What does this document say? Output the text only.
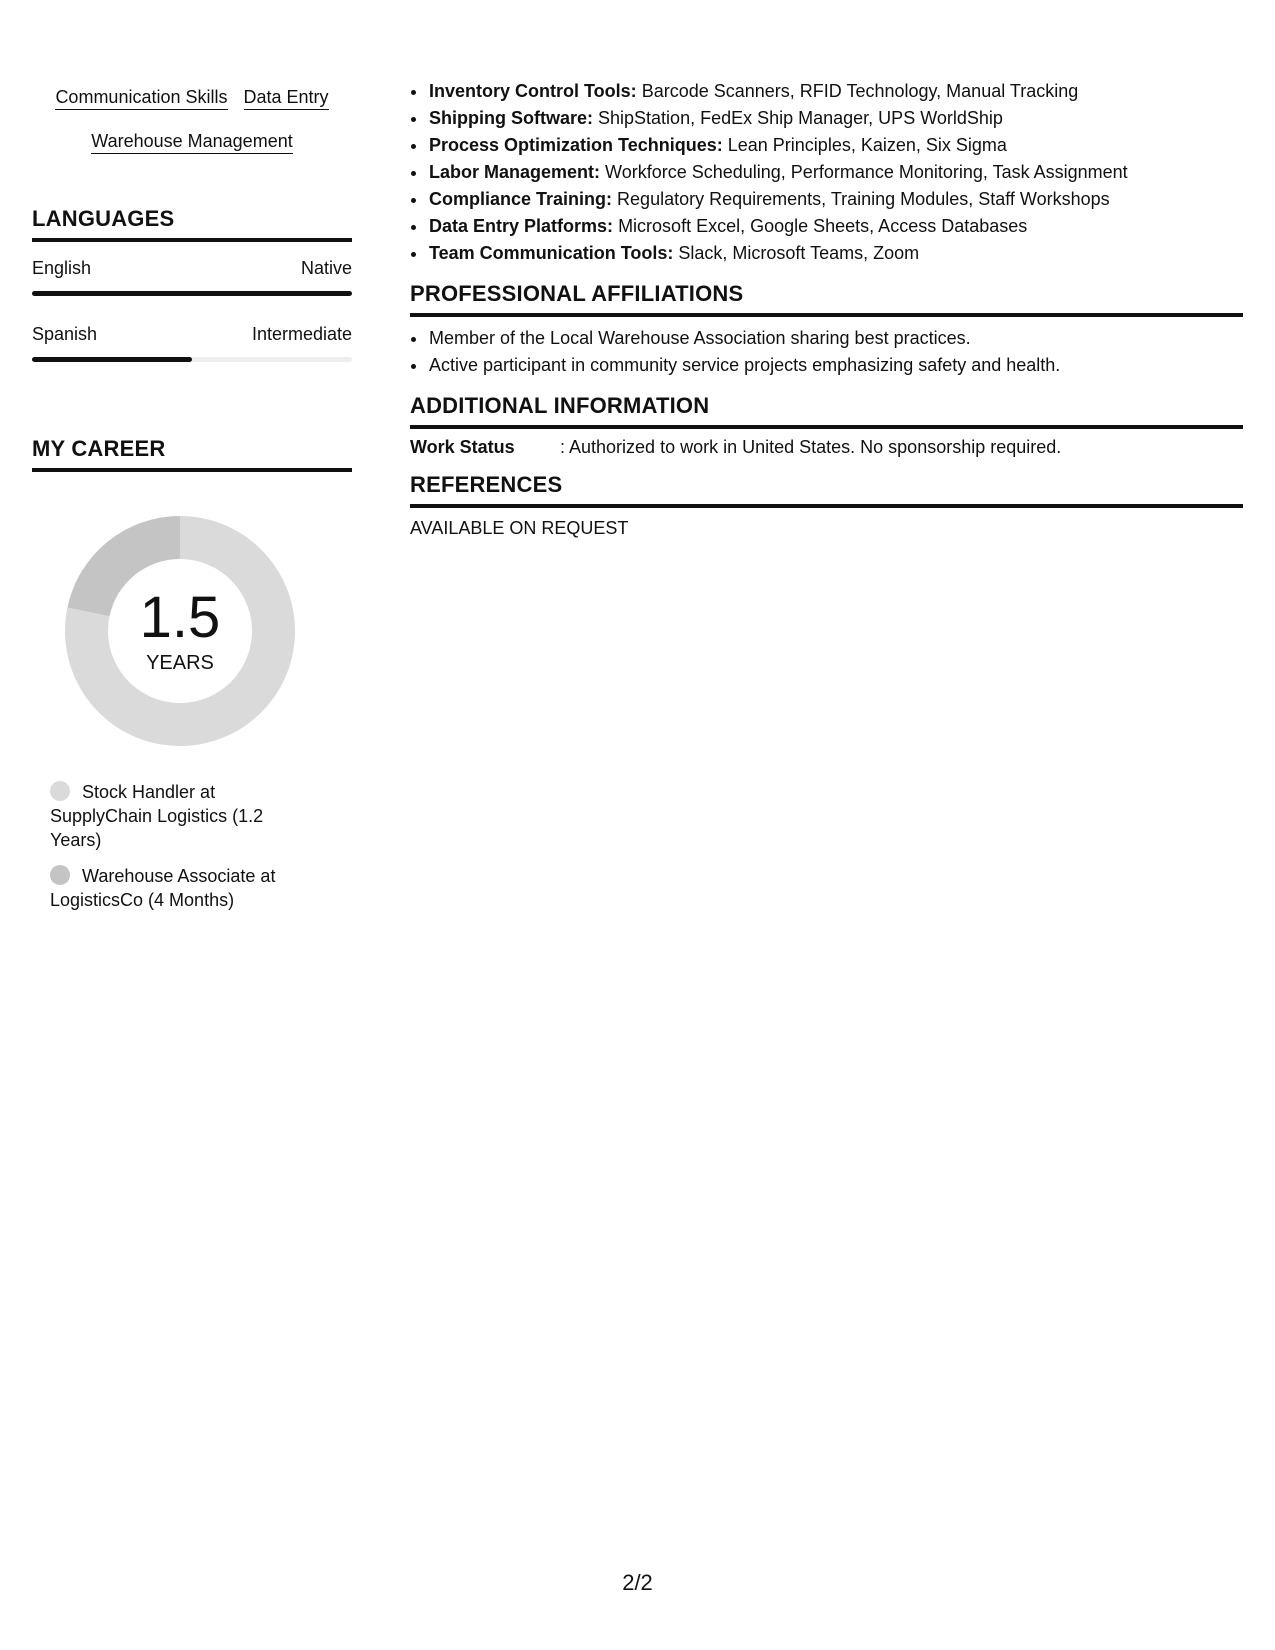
Communication Skills Data Entry
Warehouse Management
LANGUAGES
English	Native
Spanish	Intermediate
MY CAREER
1.5
YEARS
Stock Handler at SupplyChain Logistics (1.2 Years)
Warehouse Associate at LogisticsCo (4 Months)
• Inventory Control Tools: Barcode Scanners, RFID Technology, Manual Tracking
• Shipping Software: ShipStation, FedEx Ship Manager, UPS WorldShip
• Process Optimization Techniques: Lean Principles, Kaizen, Six Sigma
• Labor Management: Workforce Scheduling, Performance Monitoring, Task Assignment
• Compliance Training: Regulatory Requirements, Training Modules, Staff Workshops
• Data Entry Platforms: Microsoft Excel, Google Sheets, Access Databases
• Team Communication Tools: Slack, Microsoft Teams, Zoom
PROFESSIONAL AFFILIATIONS
• Member of the Local Warehouse Association sharing best practices.
• Active participant in community service projects emphasizing safety and health.
ADDITIONAL INFORMATION
Work Status	: Authorized to work in United States. No sponsorship required.
REFERENCES
AVAILABLE ON REQUEST
2/2
